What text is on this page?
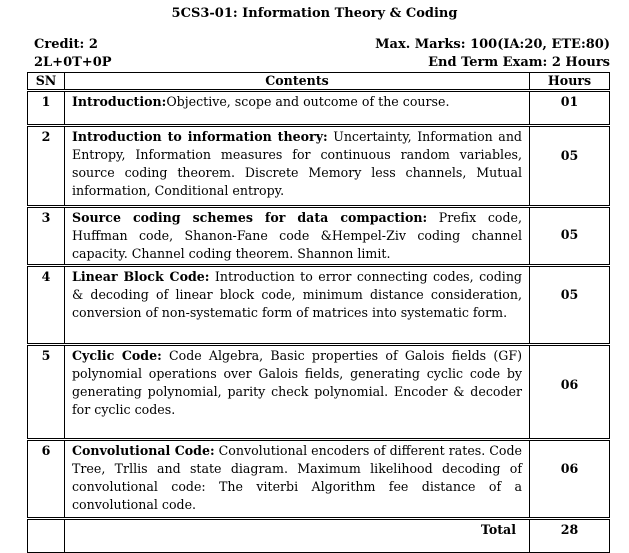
5CS3-01: Information Theory & Coding
Credit: 2	Max. Marks: 100(IA:20, ETE:80)
2L+0T+0P	End Term Exam: 2 Hours
SN	Contents	Hours
1	Introduction:Objective, scope and outcome of the course.	01
2	Introduction to information theory: Uncertainty, Information and Entropy, Information measures for continuous random variables, source coding theorem. Discrete Memory less channels, Mutual information, Conditional entropy.	05
3	Source coding schemes for data compaction: Prefix code, Huffman code, Shanon-Fane code &Hempel-Ziv coding channel capacity. Channel coding theorem. Shannon limit.	05
4	Linear Block Code: Introduction to error connecting codes, coding & decoding of linear block code, minimum distance consideration, conversion of non-systematic form of matrices into systematic form.	05
5	Cyclic Code: Code Algebra, Basic properties of Galois fields (GF) polynomial operations over Galois fields, generating cyclic code by generating polynomial, parity check polynomial. Encoder & decoder for cyclic codes.	06
6	Convolutional Code: Convolutional encoders of different rates. Code Tree, Trllis and state diagram. Maximum likelihood decoding of convolutional code: The viterbi Algorithm fee distance of a convolutional code.	06

	Total	28
